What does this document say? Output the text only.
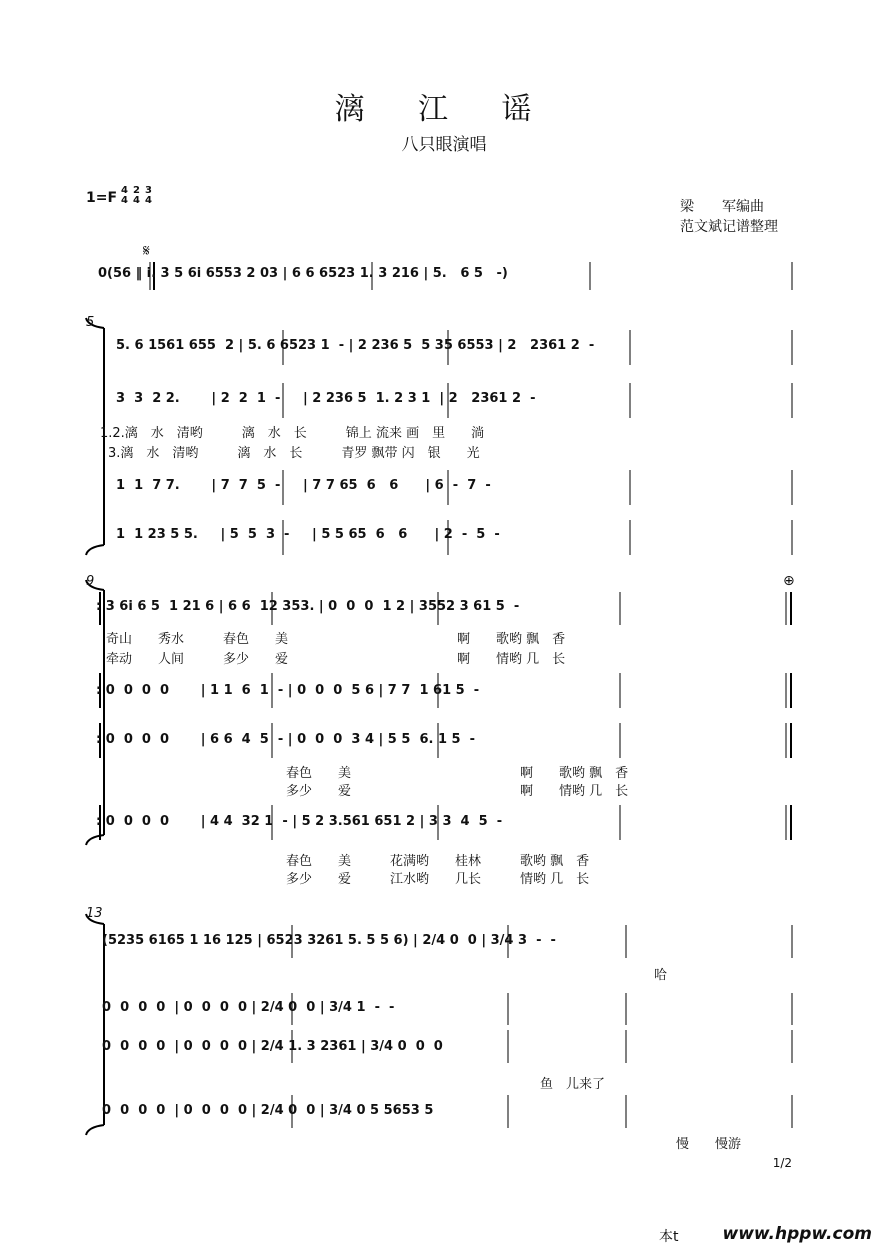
漓 江 谣
八只眼演唱
梁　　军编曲
范文斌记谱整理
1=F 4
4
2
4
3
4
𝄋
⊕
5
9
13
0(56 ‖ i. 3 5 6i 6553 2 03 | 6 6 6523 1. 3 216 | 5.   6 5   -)
5. 6 1561 655  2 | 5. 6 6523 1  - | 2 236 5  5 35 6553 | 2   2361 2  -
3  3  2 2.       | 2  2  1  -     | 2 236 5  1. 2 3 1  | 2   2361 2  -
1.2.漓　水　清哟　　　漓　水　长　　　锦上 流来 画　里　　淌
3.漓　水　清哟　　　漓　水　长　　　青罗 飘带 闪　银　　光
1  1  7 7.       | 7  7  5  -     | 7 7 65  6   6      | 6  -  7  -
1  1 23 5 5.     | 5  5  3  -     | 5 5 65  6   6      | 2  -  5  -
: 3 6i 6 5  1 21 6 | 6 6  12 353. | 0  0  0  1 2 | 3552 3 61 5  -
奇山　　秀水　　　春色　　美　　　　　　　　　　　　　啊　　歌哟 飘　香
牵动　　人间　　　多少　　爱　　　　　　　　　　　　　啊　　情哟 几　长
: 0  0  0  0       | 1 1  6  1  - | 0  0  0  5 6 | 7 7  1 61 5  -
: 0  0  0  0       | 6 6  4  5  - | 0  0  0  3 4 | 5 5  6. 1 5  -
春色　　美　　　　　　　　　　　　　啊　　歌哟 飘　香
多少　　爱　　　　　　　　　　　　　啊　　情哟 几　长
: 0  0  0  0       | 4 4  32 1  - | 5 2 3.561 651 2 | 3 3  4  5  -
春色　　美　　　花满哟　　桂林　　　歌哟 飘　香
多少　　爱　　　江水哟　　几长　　　情哟 几　长
(5235 6165 1 16 125 | 6523 3261 5. 5 5 6) | 2/4 0  0 | 3/4 3  -  -
哈
0  0  0  0  | 0  0  0  0 | 2/4 0  0 | 3/4 1  -  -
0  0  0  0  | 0  0  0  0 | 2/4 1. 3 2361 | 3/4 0  0  0
鱼　儿来了
0  0  0  0  | 0  0  0  0 | 2/4 0  0 | 3/4 0 5 5653 5
慢　　慢游
1/2
本t	www.hppw.com
